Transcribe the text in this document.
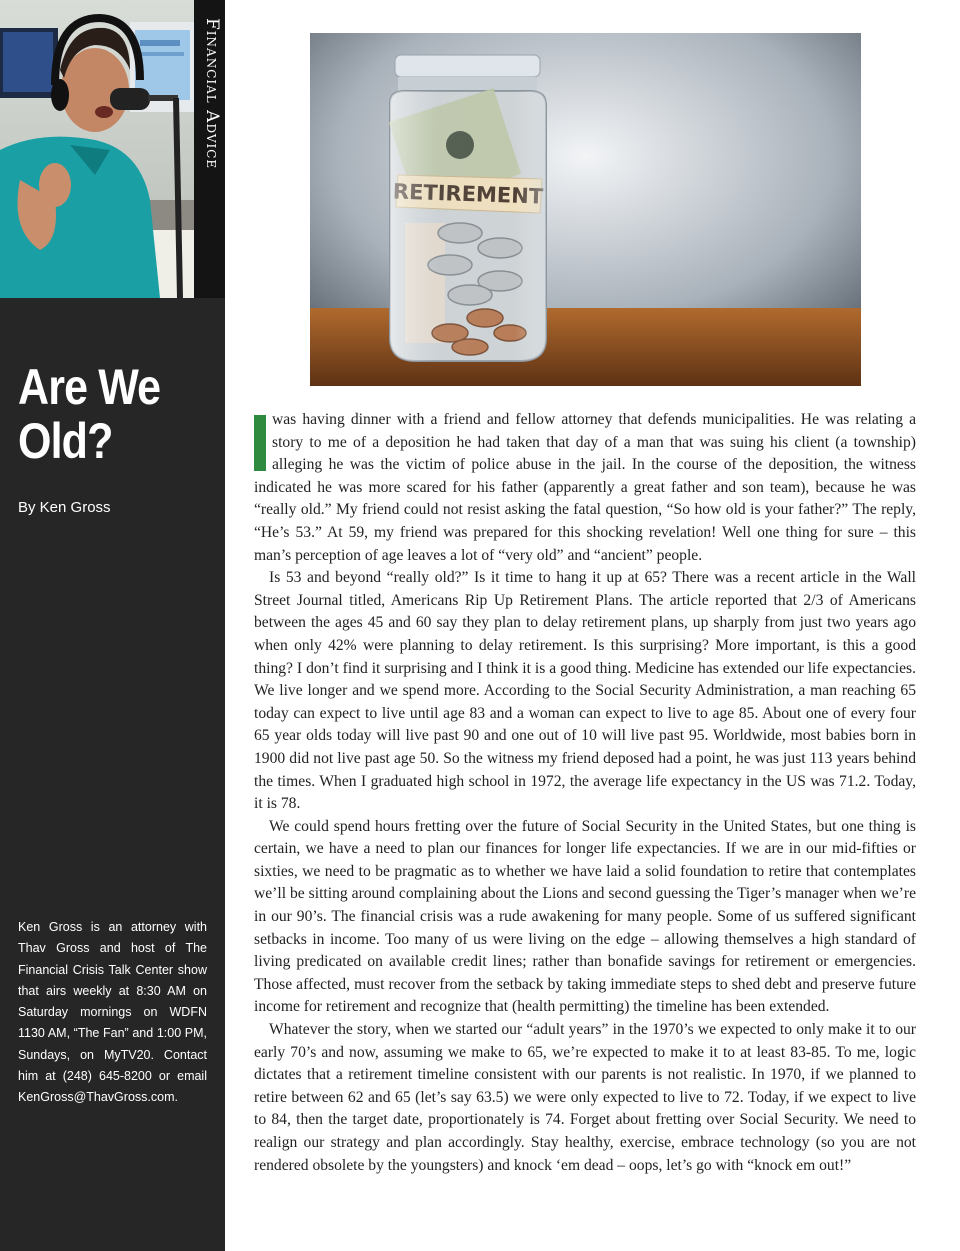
Financial Advice
Are We
Old?
By Ken Gross
Ken Gross is an attorney with Thav Gross and host of The Financial Crisis Talk Center show that airs weekly at 8:30 AM on Saturday mornings on WDFN 1130 AM, “The Fan” and 1:00 PM, Sundays, on MyTV20. Contact him at (248) 645-8200 or email KenGross@ThavGross.com.

was having dinner with a friend and fellow attorney that defends municipalities. He was relating a story to me of a deposition he had taken that day of a man that was suing his client (a township) alleging he was the victim of police abuse in the jail. In the course of the deposition, the witness indicated he was more scared for his father (apparently a great father and son team), because he was “really old.” My friend could not resist asking the fatal question, “So how old is your father?” The reply, “He’s 53.” At 59, my friend was prepared for this shocking revelation! Well one thing for sure – this man’s perception of age leaves a lot of “very old” and “ancient” people.

Is 53 and beyond “really old?” Is it time to hang it up at 65? There was a recent article in the Wall Street Journal titled, Americans Rip Up Retirement Plans. The article reported that 2/3 of Americans between the ages 45 and 60 say they plan to delay retirement plans, up sharply from just two years ago when only 42% were planning to delay retirement. Is this surprising? More important, is this a good thing? I don’t find it surprising and I think it is a good thing. Medicine has extended our life expectancies. We live longer and we spend more. According to the Social Security Administration, a man reaching 65 today can expect to live until age 83 and a woman can expect to live to age 85. About one of every four 65 year olds today will live past 90 and one out of 10 will live past 95. Worldwide, most babies born in 1900 did not live past age 50. So the witness my friend deposed had a point, he was just 113 years behind the times. When I graduated high school in 1972, the average life expectancy in the US was 71.2. Today, it is 78.

We could spend hours fretting over the future of Social Security in the United States, but one thing is certain, we have a need to plan our finances for longer life expectancies. If we are in our mid-fifties or sixties, we need to be pragmatic as to whether we have laid a solid foundation to retire that contemplates we’ll be sitting around complaining about the Lions and second guessing the Tiger’s manager when we’re in our 90’s. The financial crisis was a rude awakening for many people. Some of us suffered significant setbacks in income. Too many of us were living on the edge – allowing themselves a high standard of living predicated on available credit lines; rather than bonafide savings for retirement or emergencies. Those affected, must recover from the setback by taking immediate steps to shed debt and preserve future income for retirement and recognize that (health permitting) the timeline has been extended.

Whatever the story, when we started our “adult years” in the 1970’s we expected to only make it to our early 70’s and now, assuming we make to 65, we’re expected to make it to at least 83-85. To me, logic dictates that a retirement timeline consistent with our parents is not realistic. In 1970, if we planned to retire between 62 and 65 (let’s say 63.5) we were only expected to live to 72. Today, if we expect to live to 84, then the target date, proportionately is 74. Forget about fretting over Social Security. We need to realign our strategy and plan accordingly. Stay healthy, exercise, embrace technology (so you are not rendered obsolete by the youngsters) and knock ‘em dead – oops, let’s go with “knock em out!”
